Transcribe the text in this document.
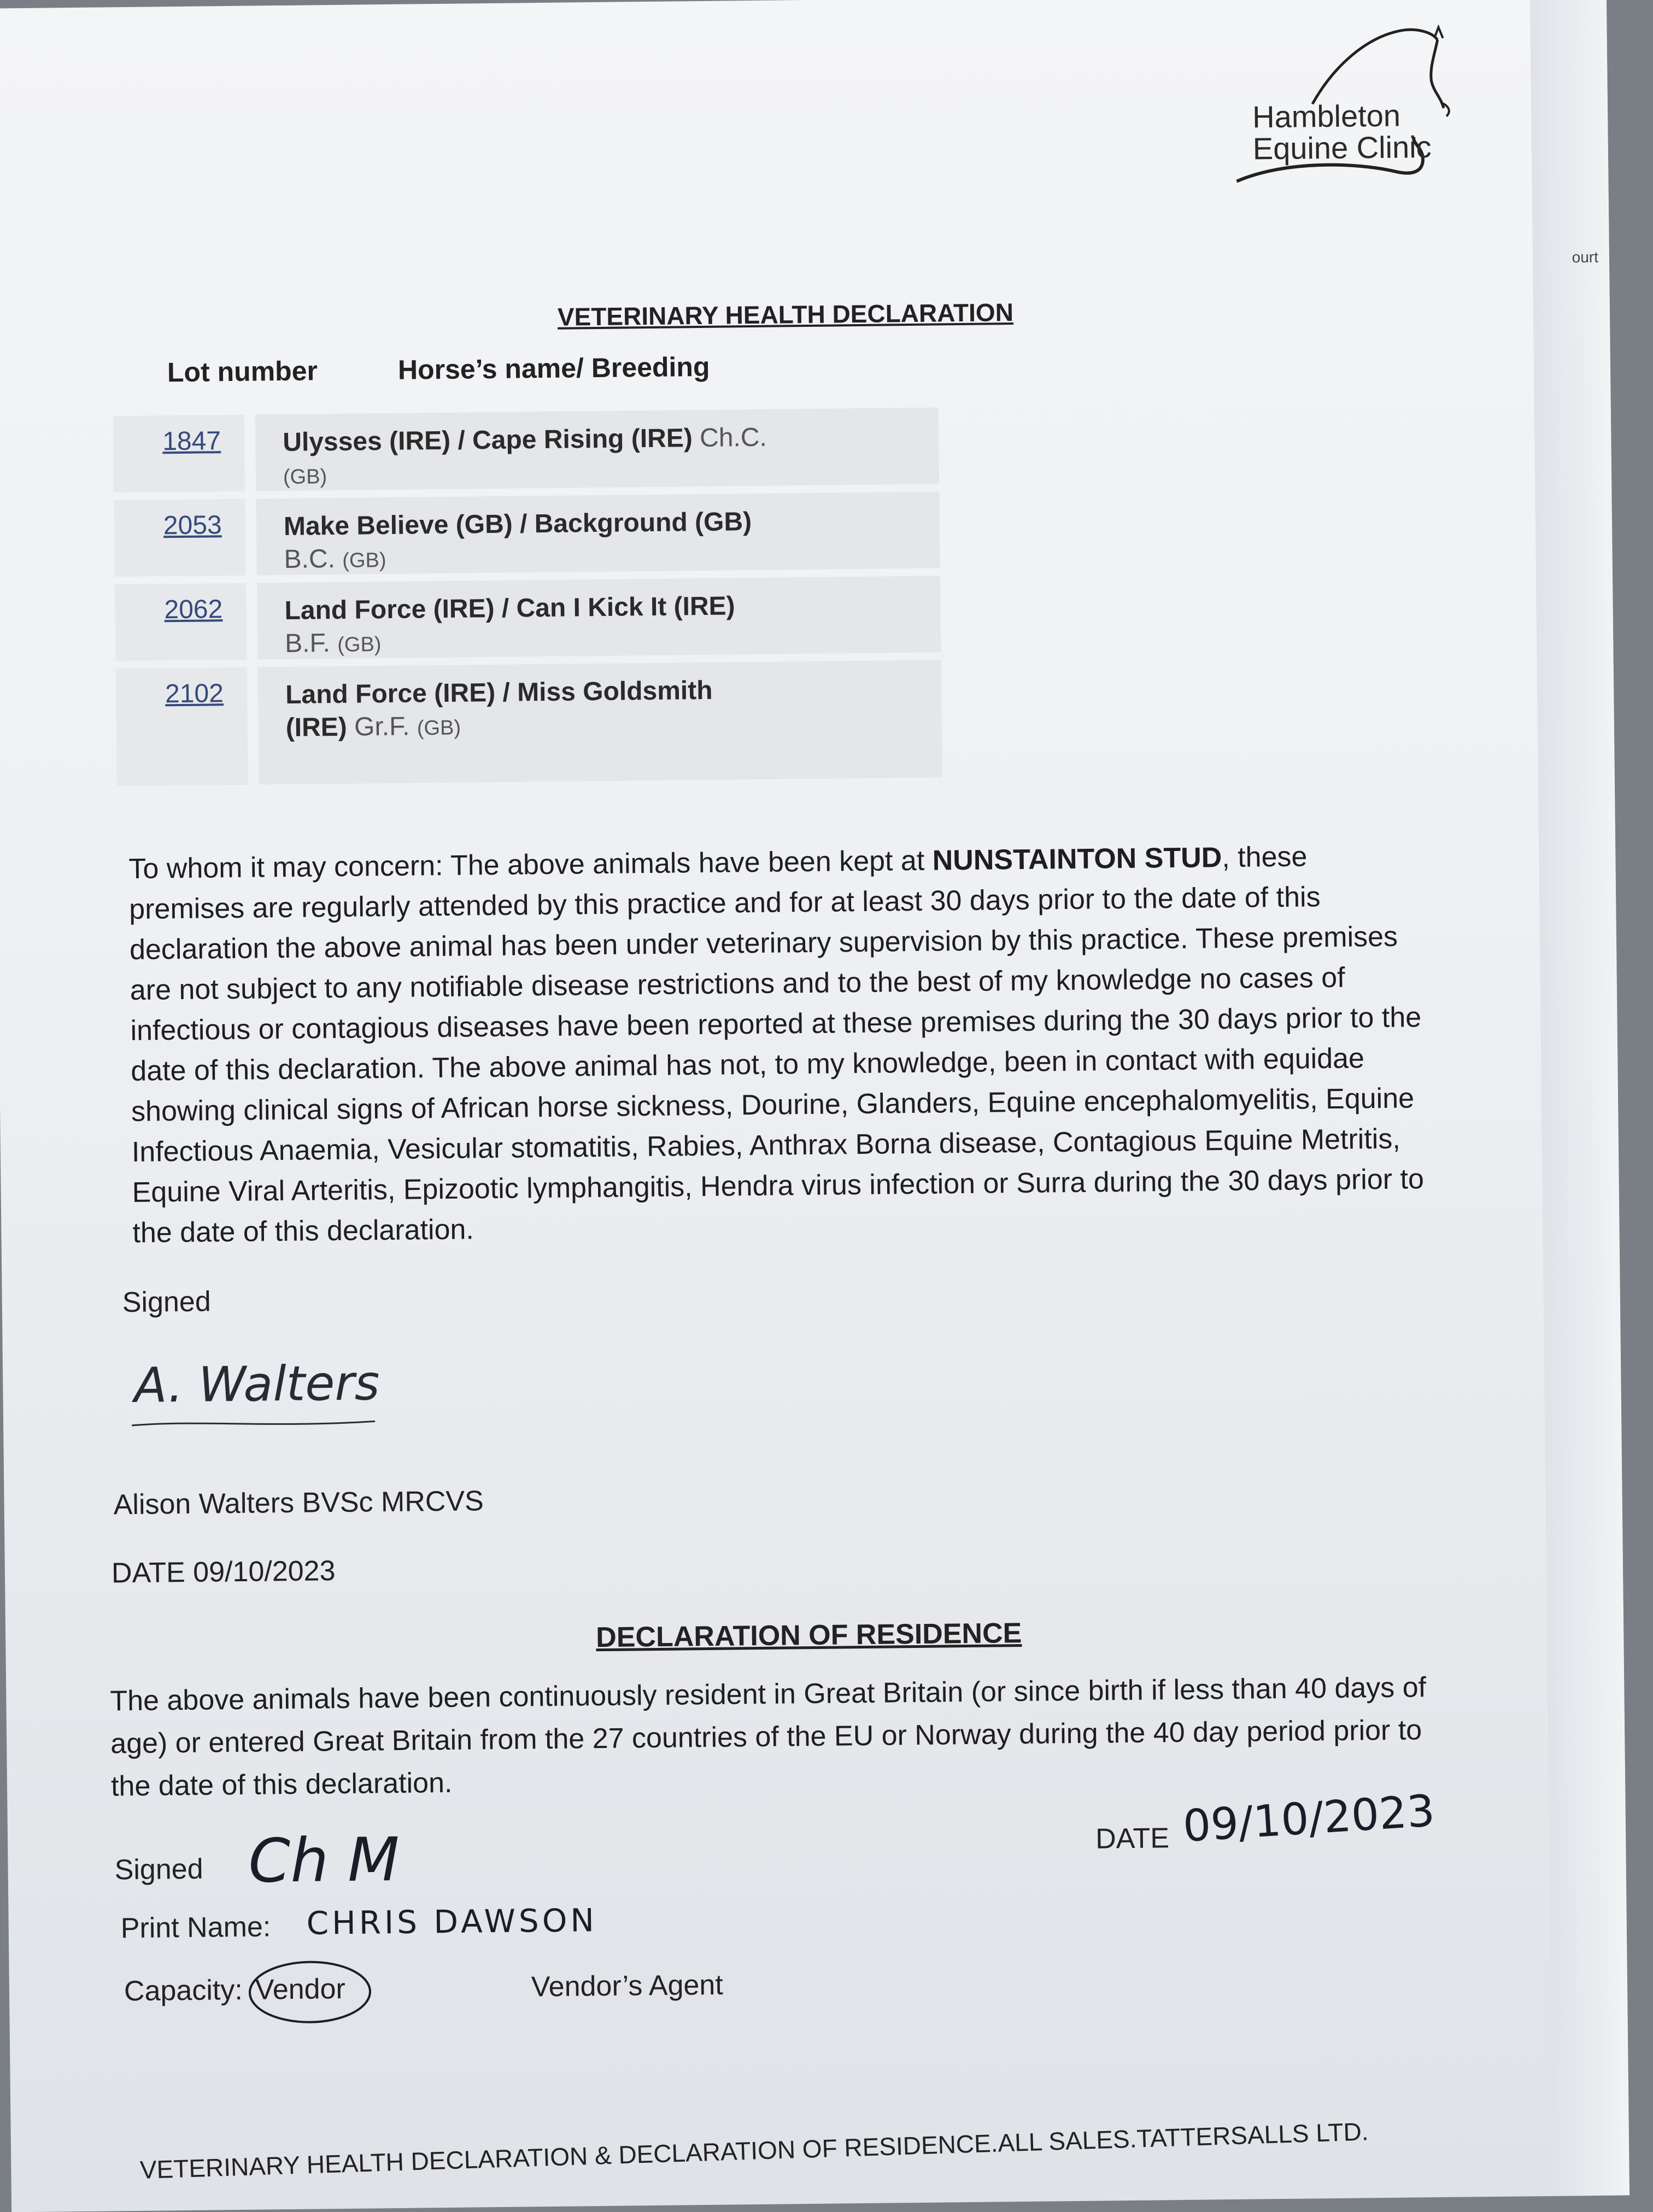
ourt
Hambleton
Equine Clinic
VETERINARY HEALTH DECLARATION
Lot number	Horse’s name/ Breeding
1847 Ulysses (IRE) / Cape Rising (IRE) Ch.C. (GB)
2053 Make Believe (GB) / Background (GB) B.C. (GB)
2062 Land Force (IRE) / Can I Kick It (IRE) B.F. (GB)
2102 Land Force (IRE) / Miss Goldsmith (IRE) Gr.F. (GB)
To whom it may concern: The above animals have been kept at NUNSTAINTON STUD, these premises are regularly attended by this practice and for at least 30 days prior to the date of this declaration the above animal has been under veterinary supervision by this practice. These premises are not subject to any notifiable disease restrictions and to the best of my knowledge no cases of infectious or contagious diseases have been reported at these premises during the 30 days prior to the date of this declaration. The above animal has not, to my knowledge, been in contact with equidae showing clinical signs of African horse sickness, Dourine, Glanders, Equine encephalomyelitis, Equine Infectious Anaemia, Vesicular stomatitis, Rabies, Anthrax Borna disease, Contagious Equine Metritis, Equine Viral Arteritis, Epizootic lymphangitis, Hendra virus infection or Surra during the 30 days prior to the date of this declaration.
Signed
A. Walters
Alison Walters BVSc MRCVS
DATE 09/10/2023
DECLARATION OF RESIDENCE
The above animals have been continuously resident in Great Britain (or since birth if less than 40 days of age) or entered Great Britain from the 27 countries of the EU or Norway during the 40 day period prior to the date of this declaration.
Signed Ch M	DATE 09/10/2023
Print Name: CHRIS DAWSON
Capacity: Vendor	Vendor’s Agent
VETERINARY HEALTH DECLARATION & DECLARATION OF RESIDENCE.ALL SALES.TATTERSALLS LTD.
